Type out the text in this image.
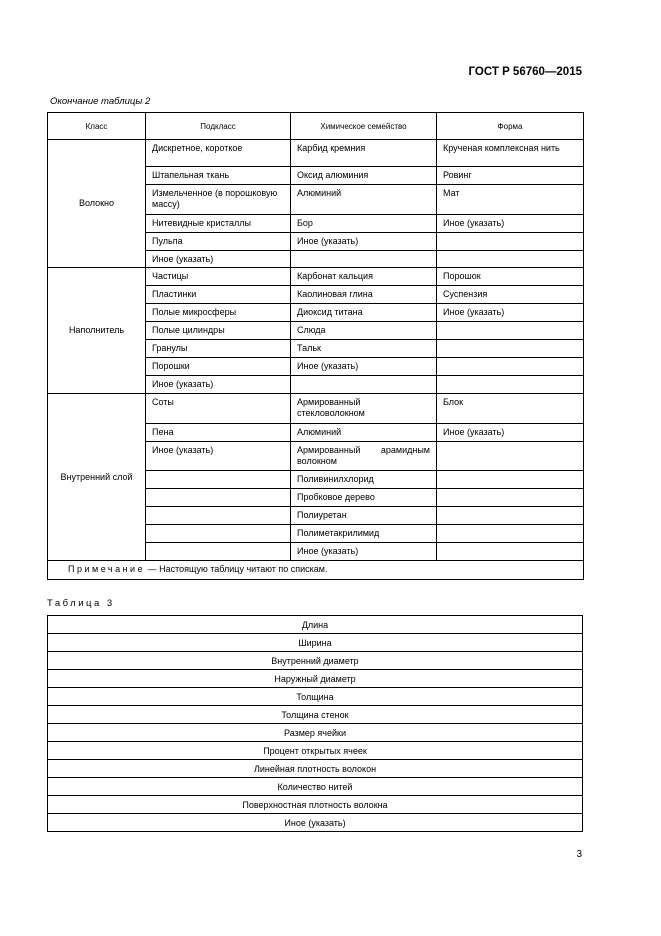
ГОСТ Р 56760—2015
Окончание таблицы 2
Класс	Подкласс	Химическое семейство	Форма
Волокно	Дискретное, короткое	Карбид кремния	Крученая комплексная нить
	Штапельная ткань	Оксид алюминия	Ровинг
	Измельченное (в порошковую массу)	Алюминий	Мат
	Нитевидные кристаллы	Бор	Иное (указать)
	Пульпа	Иное (указать)	
	Иное (указать)		
Наполнитель	Частицы	Карбонат кальция	Порошок
	Пластинки	Каолиновая глина	Суспензия
	Полые микросферы	Диоксид титана	Иное (указать)
	Полые цилиндры	Слюда	
	Гранулы	Тальк	
	Порошки	Иное (указать)	
	Иное (указать)		
Внутренний слой	Соты	Армированный стекловолокном	Блок
	Пена	Алюминий	Иное (указать)
	Иное (указать)	Армированный арамидным волокном	
		Поливинилхлорид	
		Пробковое дерево	
		Полиуретан	
		Полиметакрилимид	
		Иное (указать)	
Примечание — Настоящую таблицу читают по спискам.			
Таблица 3
Длина
Ширина
Внутренний диаметр
Наружный диаметр
Толщина
Толщина стенок
Размер ячейки
Процент открытых ячеек
Линейная плотность волокон
Количество нитей
Поверхностная плотность волокна
Иное (указать)
3
